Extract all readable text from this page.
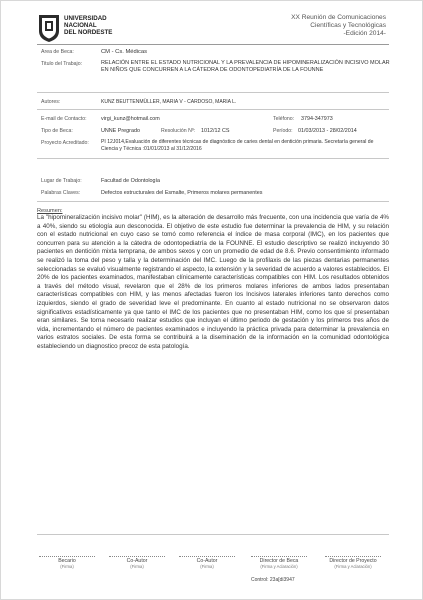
UNIVERSIDAD
NACIONAL
DEL NORDESTE
XX Reunión de Comunicaciones
Científicas y Tecnológicas
-Edición 2014-
Area de Beca:	CM - Cs. Médicas
Titulo del Trabajo:	RELACIÓN ENTRE EL ESTADO NUTRICIONAL Y LA PREVALENCIA DE HIPOMINERALIZACIÓN INCISIVO MOLAR EN NIÑOS QUE CONCURREN A LA CÁTEDRA DE ODONTOPEDIATRÍA DE LA FOUNNE
Autores:	KUNZ BEUTTENMÜLLER, MARIA V - CARDOSO, MARIA L.
E-mail de Contacto:	virgi_kunz@hotmail.com	Teléfono: 3794-347973
Tipo de Beca:	UNNE Pregrado	Resolución Nº: 1012/12 CS	Período: 01/03/2013 - 28/02/2014
Proyecto Acreditado: PI 12J014,Evaluación de diferentes técnicas de diagnóstico de caries dental en dentición primaria. Secretaría general de Ciencia y Técnica :01/01/2013 al 31/12/2016
Lugar de Trabajo:	Facultad de Odontología
Palabras Claves:	Defectos estructurales del Esmalte, Primeros molares permanentes
Resumen:

La "hipomineralización incisivo molar" (HIM), es la alteración de desarrollo más frecuente, con una incidencia que varía de 4% a 40%, siendo su etiología aun desconocida. El objetivo de este estudio fue determinar la prevalencia de HIM, y su relación con el estado nutricional en cuyo caso se tomó como referencia el índice de masa corporal (IMC), en los pacientes que concurren para su atención a la cátedra de odontopediatría de la FOUNNE. El estudio descriptivo se realizó incluyendo 30 pacientes en dentición mixta temprana, de ambos sexos y con un promedio de edad de 8.6. Previo consentimiento informado se realizó la toma del peso y talla y la determinación del IMC. Luego de la profilaxis de las piezas dentarias permanentes seleccionadas se evaluó visualmente registrando el aspecto, la extensión y la severidad de acuerdo a valores establecidos. El 20% de los pacientes examinados, manifestaban clínicamente características compatibles con HIM. Los resultados obtenidos a través del método visual, revelaron que el 28% de los primeros molares inferiores de ambos lados presentaban características compatibles con HIM, y las menos afectadas fueron los Incisivos laterales inferiores tanto derechos como izquierdos, siendo el grado de severidad leve el predominante. En cuanto al estado nutricional no se observaron datos significativos estadísticamente ya que tanto el IMC de los pacientes que no presentaban HIM, como los que sí presentaban eran similares. Se torna necesario realizar estudios que incluyan el último periodo de gestación y los primeros tres años de vida, incrementando el número de pacientes examinados e incluyendo la práctica privada para determinar la prevalencia en varios estratos sociales. De esta forma se contribuirá a la diseminación de la información en la comunidad odontológica estableciendo un diagnostico precoz de esta patología.

Becario
(Firma)
Co-Autor
(Firma)
Co-Autor
(Firma)
Director de Beca
(Firma y Aclaración)
Director de Proyecto
(Firma y Aclaración)
Control: 23a[di3947
